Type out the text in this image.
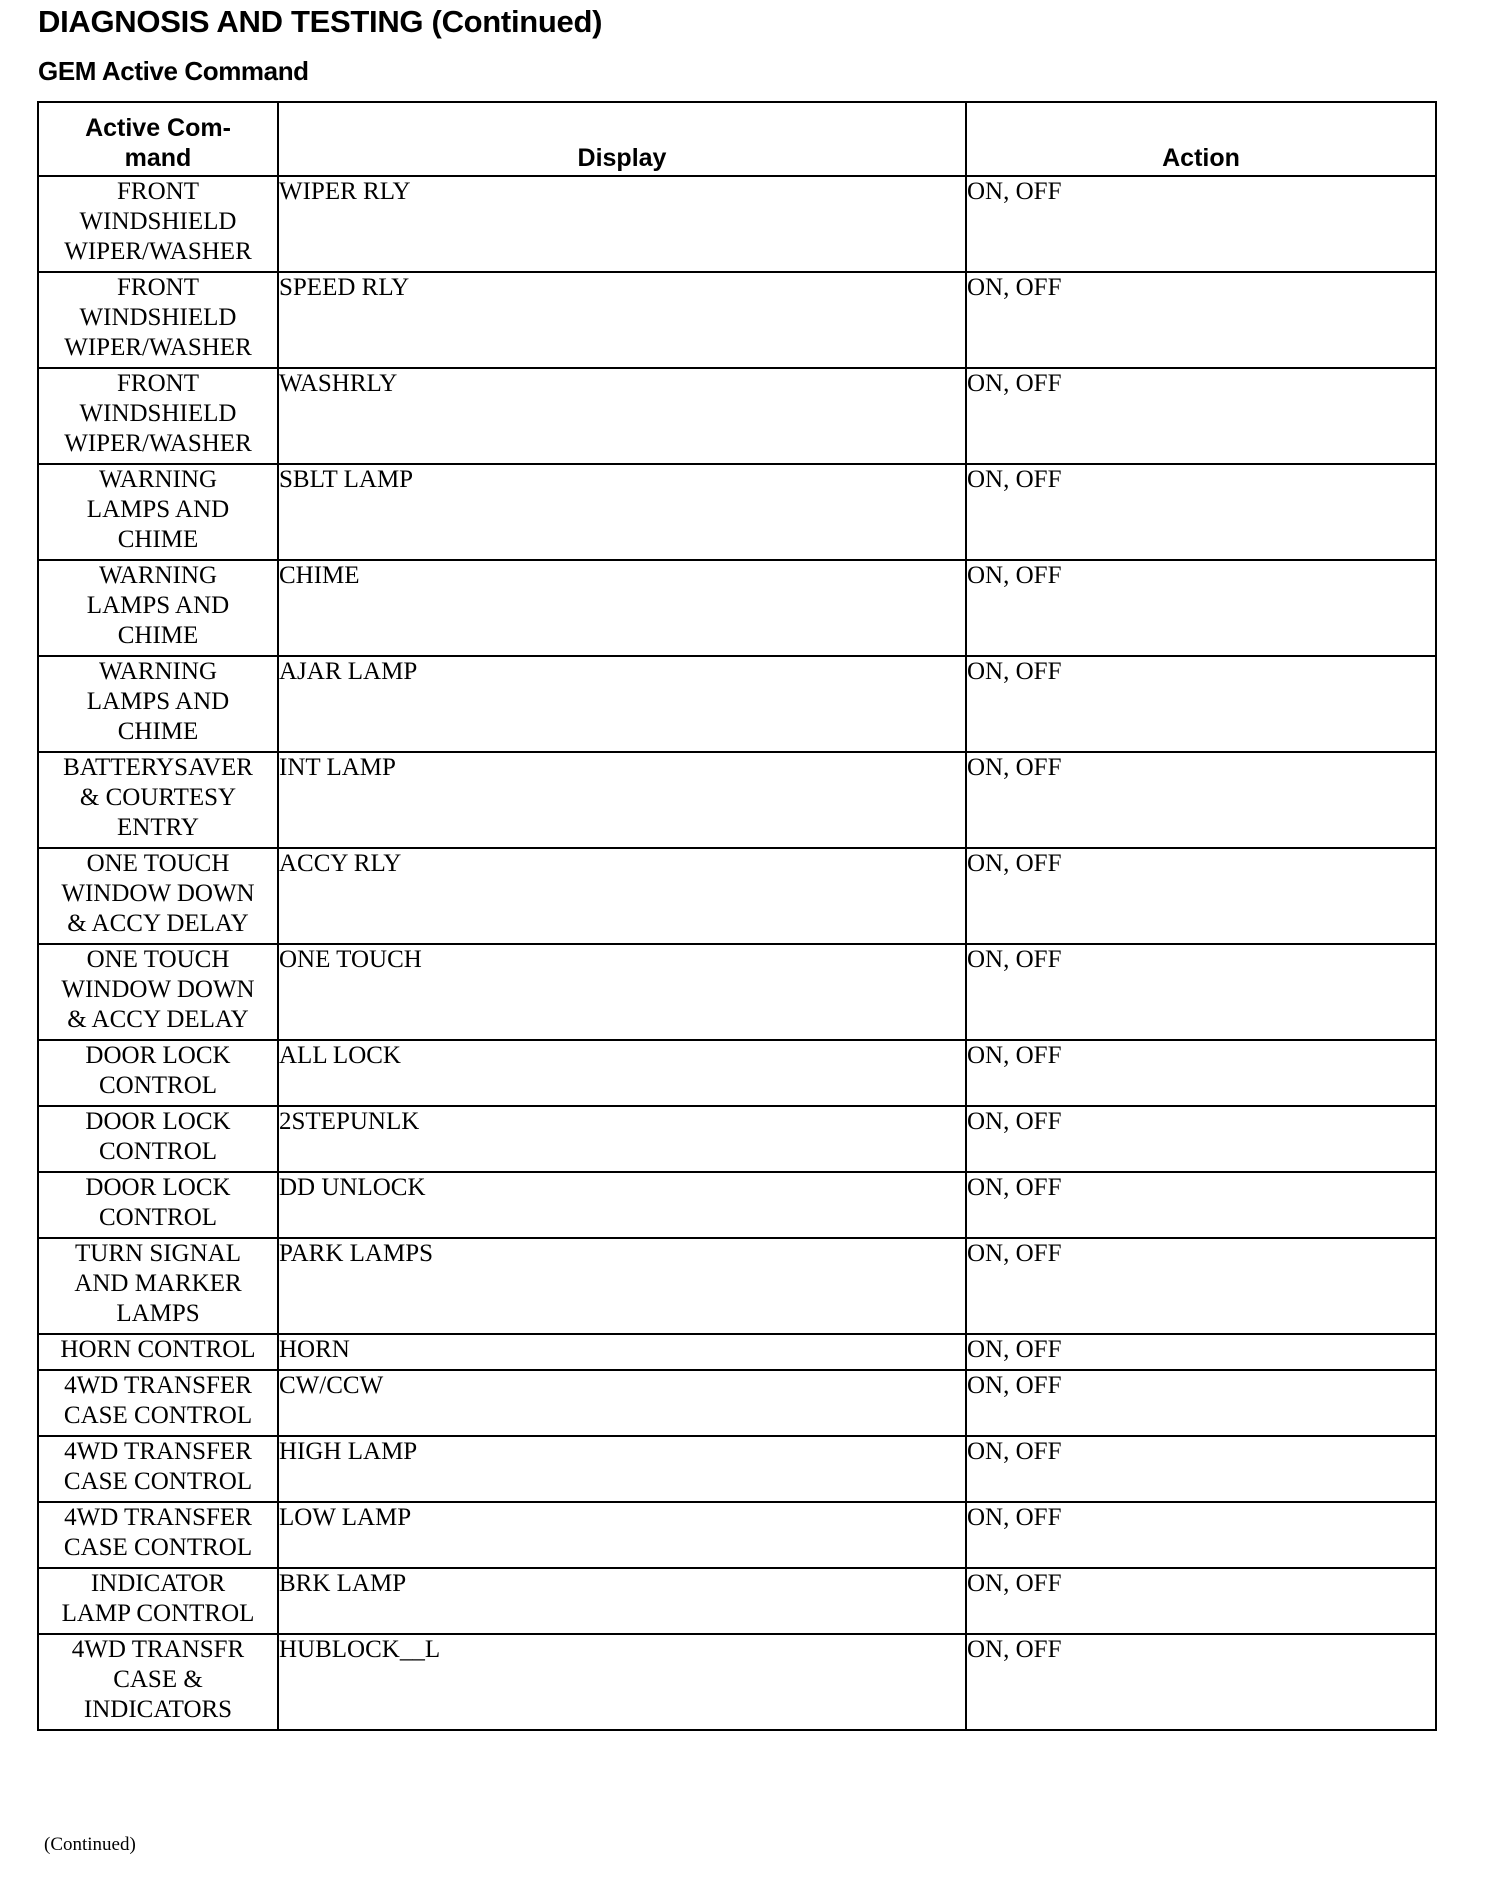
DIAGNOSIS AND TESTING (Continued)
GEM Active Command
Active Com-
mand	Display	Action

FRONT
WINDSHIELD
WIPER/WASHER	WIPER RLY	ON, OFF

FRONT
WINDSHIELD
WIPER/WASHER	SPEED RLY	ON, OFF

FRONT
WINDSHIELD
WIPER/WASHER	WASHRLY	ON, OFF

WARNING
LAMPS AND
CHIME	SBLT LAMP	ON, OFF

WARNING
LAMPS AND
CHIME	CHIME	ON, OFF

WARNING
LAMPS AND
CHIME	AJAR LAMP	ON, OFF

BATTERYSAVER
& COURTESY
ENTRY	INT LAMP	ON, OFF

ONE TOUCH
WINDOW DOWN
& ACCY DELAY	ACCY RLY	ON, OFF

ONE TOUCH
WINDOW DOWN
& ACCY DELAY	ONE TOUCH	ON, OFF

DOOR LOCK
CONTROL	ALL LOCK	ON, OFF

DOOR LOCK
CONTROL	2STEPUNLK	ON, OFF

DOOR LOCK
CONTROL	DD UNLOCK	ON, OFF

TURN SIGNAL
AND MARKER
LAMPS	PARK LAMPS	ON, OFF

HORN CONTROL	HORN	ON, OFF

4WD TRANSFER
CASE CONTROL	CW/CCW	ON, OFF

4WD TRANSFER
CASE CONTROL	HIGH LAMP	ON, OFF

4WD TRANSFER
CASE CONTROL	LOW LAMP	ON, OFF

INDICATOR
LAMP CONTROL	BRK LAMP	ON, OFF

4WD TRANSFR
CASE &
INDICATORS	HUBLOCK__L	ON, OFF
(Continued)
